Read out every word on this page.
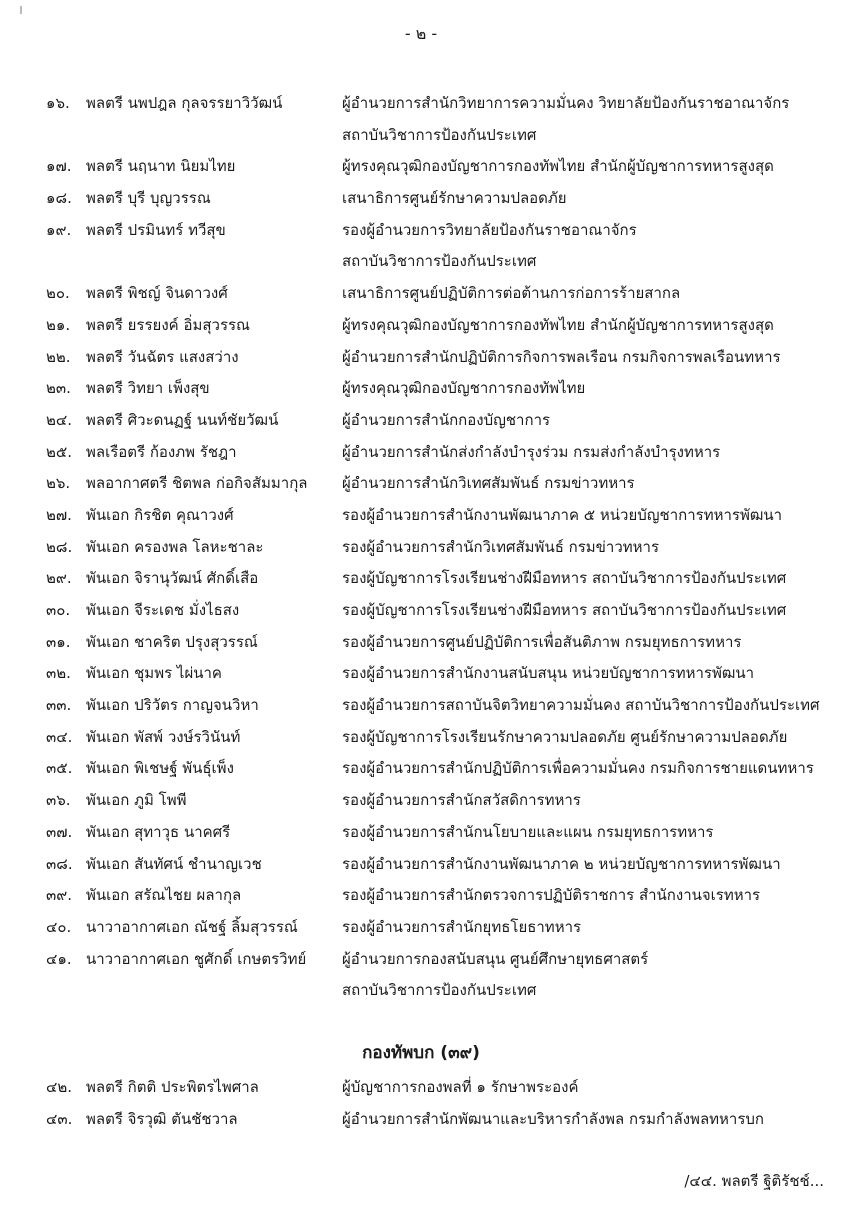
- ๒ -
๑๖. พลตรี นพปฎล กุลจรรยาวิวัฒน์	ผู้อำนวยการสำนักวิทยาการความมั่นคง วิทยาลัยป้องกันราชอาณาจักร
สถาบันวิชาการป้องกันประเทศ
๑๗. พลตรี นฤนาท นิยมไทย	ผู้ทรงคุณวุฒิกองบัญชาการกองทัพไทย สำนักผู้บัญชาการทหารสูงสุด
๑๘. พลตรี บุรี บุญวรรณ	เสนาธิการศูนย์รักษาความปลอดภัย
๑๙. พลตรี ปรมินทร์ ทวีสุข	รองผู้อำนวยการวิทยาลัยป้องกันราชอาณาจักร
สถาบันวิชาการป้องกันประเทศ
๒๐. พลตรี พิชญ์ จินดาวงศ์	เสนาธิการศูนย์ปฏิบัติการต่อต้านการก่อการร้ายสากล
๒๑. พลตรี ยรรยงค์ อิ่มสุวรรณ	ผู้ทรงคุณวุฒิกองบัญชาการกองทัพไทย สำนักผู้บัญชาการทหารสูงสุด
๒๒. พลตรี วันฉัตร แสงสว่าง	ผู้อำนวยการสำนักปฏิบัติการกิจการพลเรือน กรมกิจการพลเรือนทหาร
๒๓. พลตรี วิทยา เพ็งสุข	ผู้ทรงคุณวุฒิกองบัญชาการกองทัพไทย
๒๔. พลตรี ศิวะดนฏฐ์ นนท์ชัยวัฒน์	ผู้อำนวยการสำนักกองบัญชาการ
๒๕. พลเรือตรี ก้องภพ รัชฎา	ผู้อำนวยการสำนักส่งกำลังบำรุงร่วม กรมส่งกำลังบำรุงทหาร
๒๖. พลอากาศตรี ชิตพล ก่อกิจสัมมากุล ผู้อำนวยการสำนักวิเทศสัมพันธ์ กรมข่าวทหาร
๒๗. พันเอก กิรชิต คุณาวงศ์	รองผู้อำนวยการสำนักงานพัฒนาภาค ๕ หน่วยบัญชาการทหารพัฒนา
๒๘. พันเอก ครองพล โลหะชาละ	รองผู้อำนวยการสำนักวิเทศสัมพันธ์ กรมข่าวทหาร
๒๙. พันเอก จิรานุวัฒน์ ศักดิ์เสือ	รองผู้บัญชาการโรงเรียนช่างฝีมือทหาร สถาบันวิชาการป้องกันประเทศ
๓๐. พันเอก จีระเดช มั่งไธสง	รองผู้บัญชาการโรงเรียนช่างฝีมือทหาร สถาบันวิชาการป้องกันประเทศ
๓๑. พันเอก ชาคริต ปรุงสุวรรณ์	รองผู้อำนวยการศูนย์ปฏิบัติการเพื่อสันติภาพ กรมยุทธการทหาร
๓๒. พันเอก ชุมพร ไผ่นาค	รองผู้อำนวยการสำนักงานสนับสนุน หน่วยบัญชาการทหารพัฒนา
๓๓. พันเอก ปริวัตร กาญจนวิหา	รองผู้อำนวยการสถาบันจิตวิทยาความมั่นคง สถาบันวิชาการป้องกันประเทศ
๓๔. พันเอก พัสพ์ วงษ์รวินันท์	รองผู้บัญชาการโรงเรียนรักษาความปลอดภัย ศูนย์รักษาความปลอดภัย
๓๕. พันเอก พิเชษฐ์ พันธุ์เพ็ง	รองผู้อำนวยการสำนักปฏิบัติการเพื่อความมั่นคง กรมกิจการชายแดนทหาร
๓๖. พันเอก ภูมิ โพพี	รองผู้อำนวยการสำนักสวัสดิการทหาร
๓๗. พันเอก สุทาวุธ นาคศรี	รองผู้อำนวยการสำนักนโยบายและแผน กรมยุทธการทหาร
๓๘. พันเอก สันทัศน์ ชำนาญเวช	รองผู้อำนวยการสำนักงานพัฒนาภาค ๒ หน่วยบัญชาการทหารพัฒนา
๓๙. พันเอก สรัณไชย ผลากุล	รองผู้อำนวยการสำนักตรวจการปฏิบัติราชการ สำนักงานจเรทหาร
๔๐. นาวาอากาศเอก ณัชฐ์ ลิ้มสุวรรณ์	รองผู้อำนวยการสำนักยุทธโยธาทหาร
๔๑. นาวาอากาศเอก ชูศักดิ์ เกษตรวิทย์ ผู้อำนวยการกองสนับสนุน ศูนย์ศึกษายุทธศาสตร์
สถาบันวิชาการป้องกันประเทศ
กองทัพบก (๓๙)
๔๒. พลตรี กิตติ ประพิตรไพศาล	ผู้บัญชาการกองพลที่ ๑ รักษาพระองค์
๔๓. พลตรี จิรวุฒิ ตันชัชวาล	ผู้อำนวยการสำนักพัฒนาและบริหารกำลังพล กรมกำลังพลทหารบก
/๔๔. พลตรี ฐิติรัชช์...
